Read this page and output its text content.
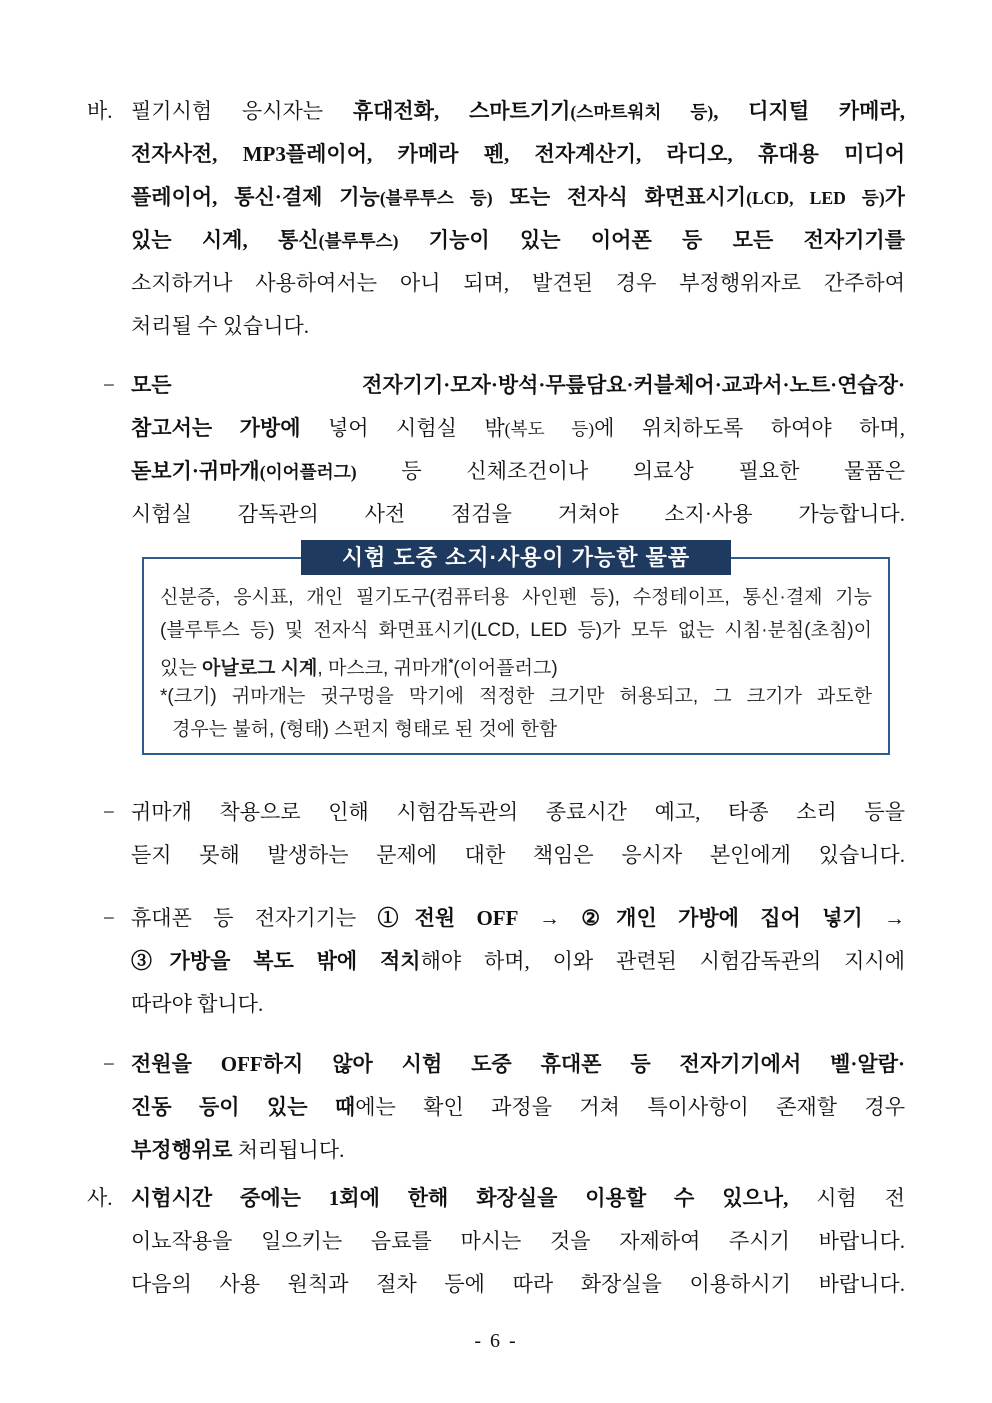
바. 필기시험 응시자는 휴대전화, 스마트기기(스마트워치 등), 디지털 카메라,
전자사전, MP3플레이어, 카메라 펜, 전자계산기, 라디오, 휴대용 미디어
플레이어, 통신·결제 기능(블루투스 등) 또는 전자식 화면표시기(LCD, LED 등)가
있는 시계, 통신(블루투스) 기능이 있는 이어폰 등 모든 전자기기를
소지하거나 사용하여서는 아니 되며, 발견된 경우 부정행위자로 간주하여
처리될 수 있습니다.
− 모든 전자기기·모자·방석·무릎담요·커블체어·교과서·노트·연습장·
참고서는 가방에 넣어 시험실 밖(복도 등)에 위치하도록 하여야 하며,
돋보기·귀마개(이어플러그) 등 신체조건이나 의료상 필요한 물품은
시험실 감독관의 사전 점검을 거쳐야 소지·사용 가능합니다.
시험 도중 소지·사용이 가능한 물품
신분증, 응시표, 개인 필기도구(컴퓨터용 사인펜 등), 수정테이프, 통신·결제 기능
(블루투스 등) 및 전자식 화면표시기(LCD, LED 등)가 모두 없는 시침·분침(초침)이
있는 아날로그 시계, 마스크, 귀마개*(이어플러그)
*(크기) 귀마개는 귓구멍을 막기에 적정한 크기만 허용되고, 그 크기가 과도한
경우는 불허, (형태) 스펀지 형태로 된 것에 한함
− 귀마개 착용으로 인해 시험감독관의 종료시간 예고, 타종 소리 등을
듣지 못해 발생하는 문제에 대한 책임은 응시자 본인에게 있습니다.
− 휴대폰 등 전자기기는 ①전원 OFF → ②개인 가방에 집어 넣기 →
③가방을 복도 밖에 적치해야 하며, 이와 관련된 시험감독관의 지시에
따라야 합니다.
− 전원을 OFF하지 않아 시험 도중 휴대폰 등 전자기기에서 벨·알람·
진동 등이 있는 때에는 확인 과정을 거쳐 특이사항이 존재할 경우
부정행위로 처리됩니다.
사. 시험시간 중에는 1회에 한해 화장실을 이용할 수 있으나, 시험 전
이뇨작용을 일으키는 음료를 마시는 것을 자제하여 주시기 바랍니다.
다음의 사용 원칙과 절차 등에 따라 화장실을 이용하시기 바랍니다.
- 6 -
